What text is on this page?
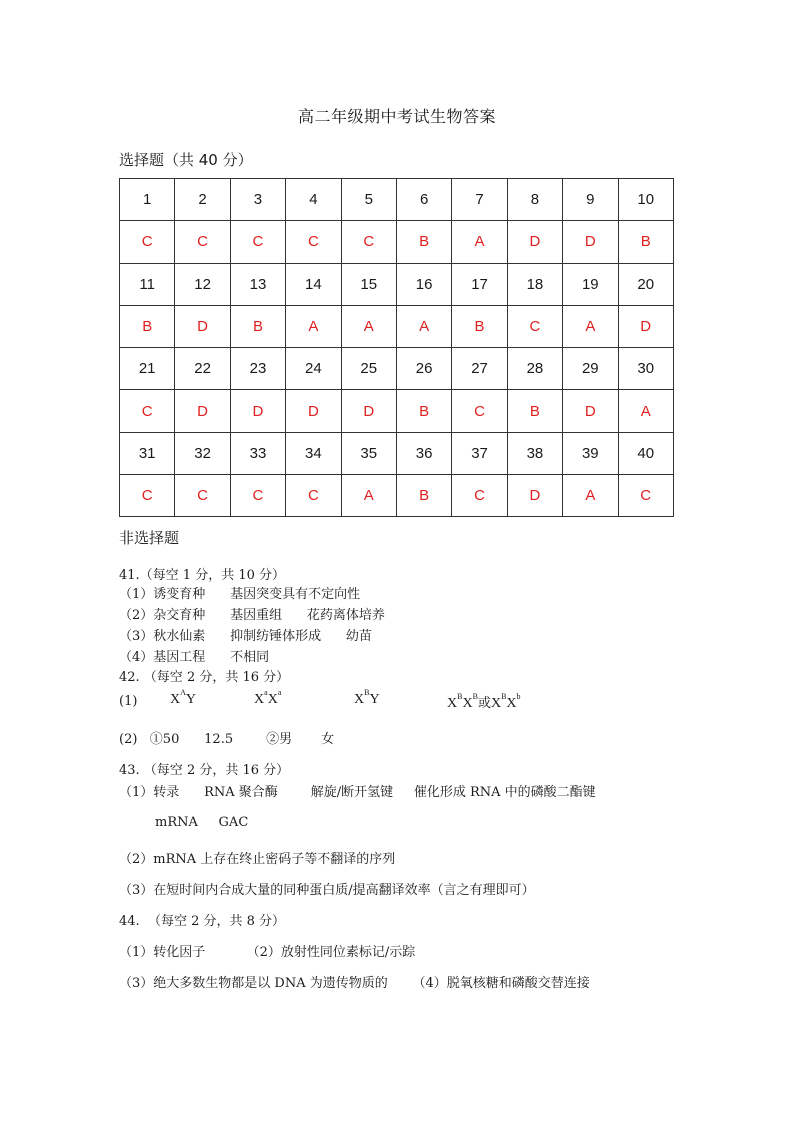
高二年级期中考试生物答案
选择题（共 40 分）
1	2	3	4	5	6	7	8	9	10
C	C	C	C	C	B	A	D	D	B
11	12	13	14	15	16	17	18	19	20
B	D	B	A	A	A	B	C	A	D
21	22	23	24	25	26	27	28	29	30
C	D	D	D	D	B	C	B	D	A
31	32	33	34	35	36	37	38	39	40
C	C	C	C	A	B	C	D	A	C
非选择题
41.（每空 1 分，共 10 分）
（1）诱变育种      基因突变具有不定向性
（2）杂交育种      基因重组      花药离体培养
（3）秋水仙素      抑制纺锤体形成      幼苗
（4）基因工程      不相同
42. （每空 2 分，共 16 分）
(1) $X^AY$	$X^aX^a$	$X^BY$	$X^BX^B$或$X^BX^b$
(2)   ①50      12.5        ②男       女
43. （每空 2 分，共 16 分）
（1）转录      RNA 聚合酶        解旋/断开氢键     催化形成 RNA 中的磷酸二酯键
mRNA     GAC
（2）mRNA 上存在终止密码子等不翻译的序列
（3）在短时间内合成大量的同种蛋白质/提高翻译效率（言之有理即可）
44.  （每空 2 分，共 8 分）
（1）转化因子          （2）放射性同位素标记/示踪
（3）绝大多数生物都是以 DNA 为遗传物质的      （4）脱氧核糖和磷酸交替连接
